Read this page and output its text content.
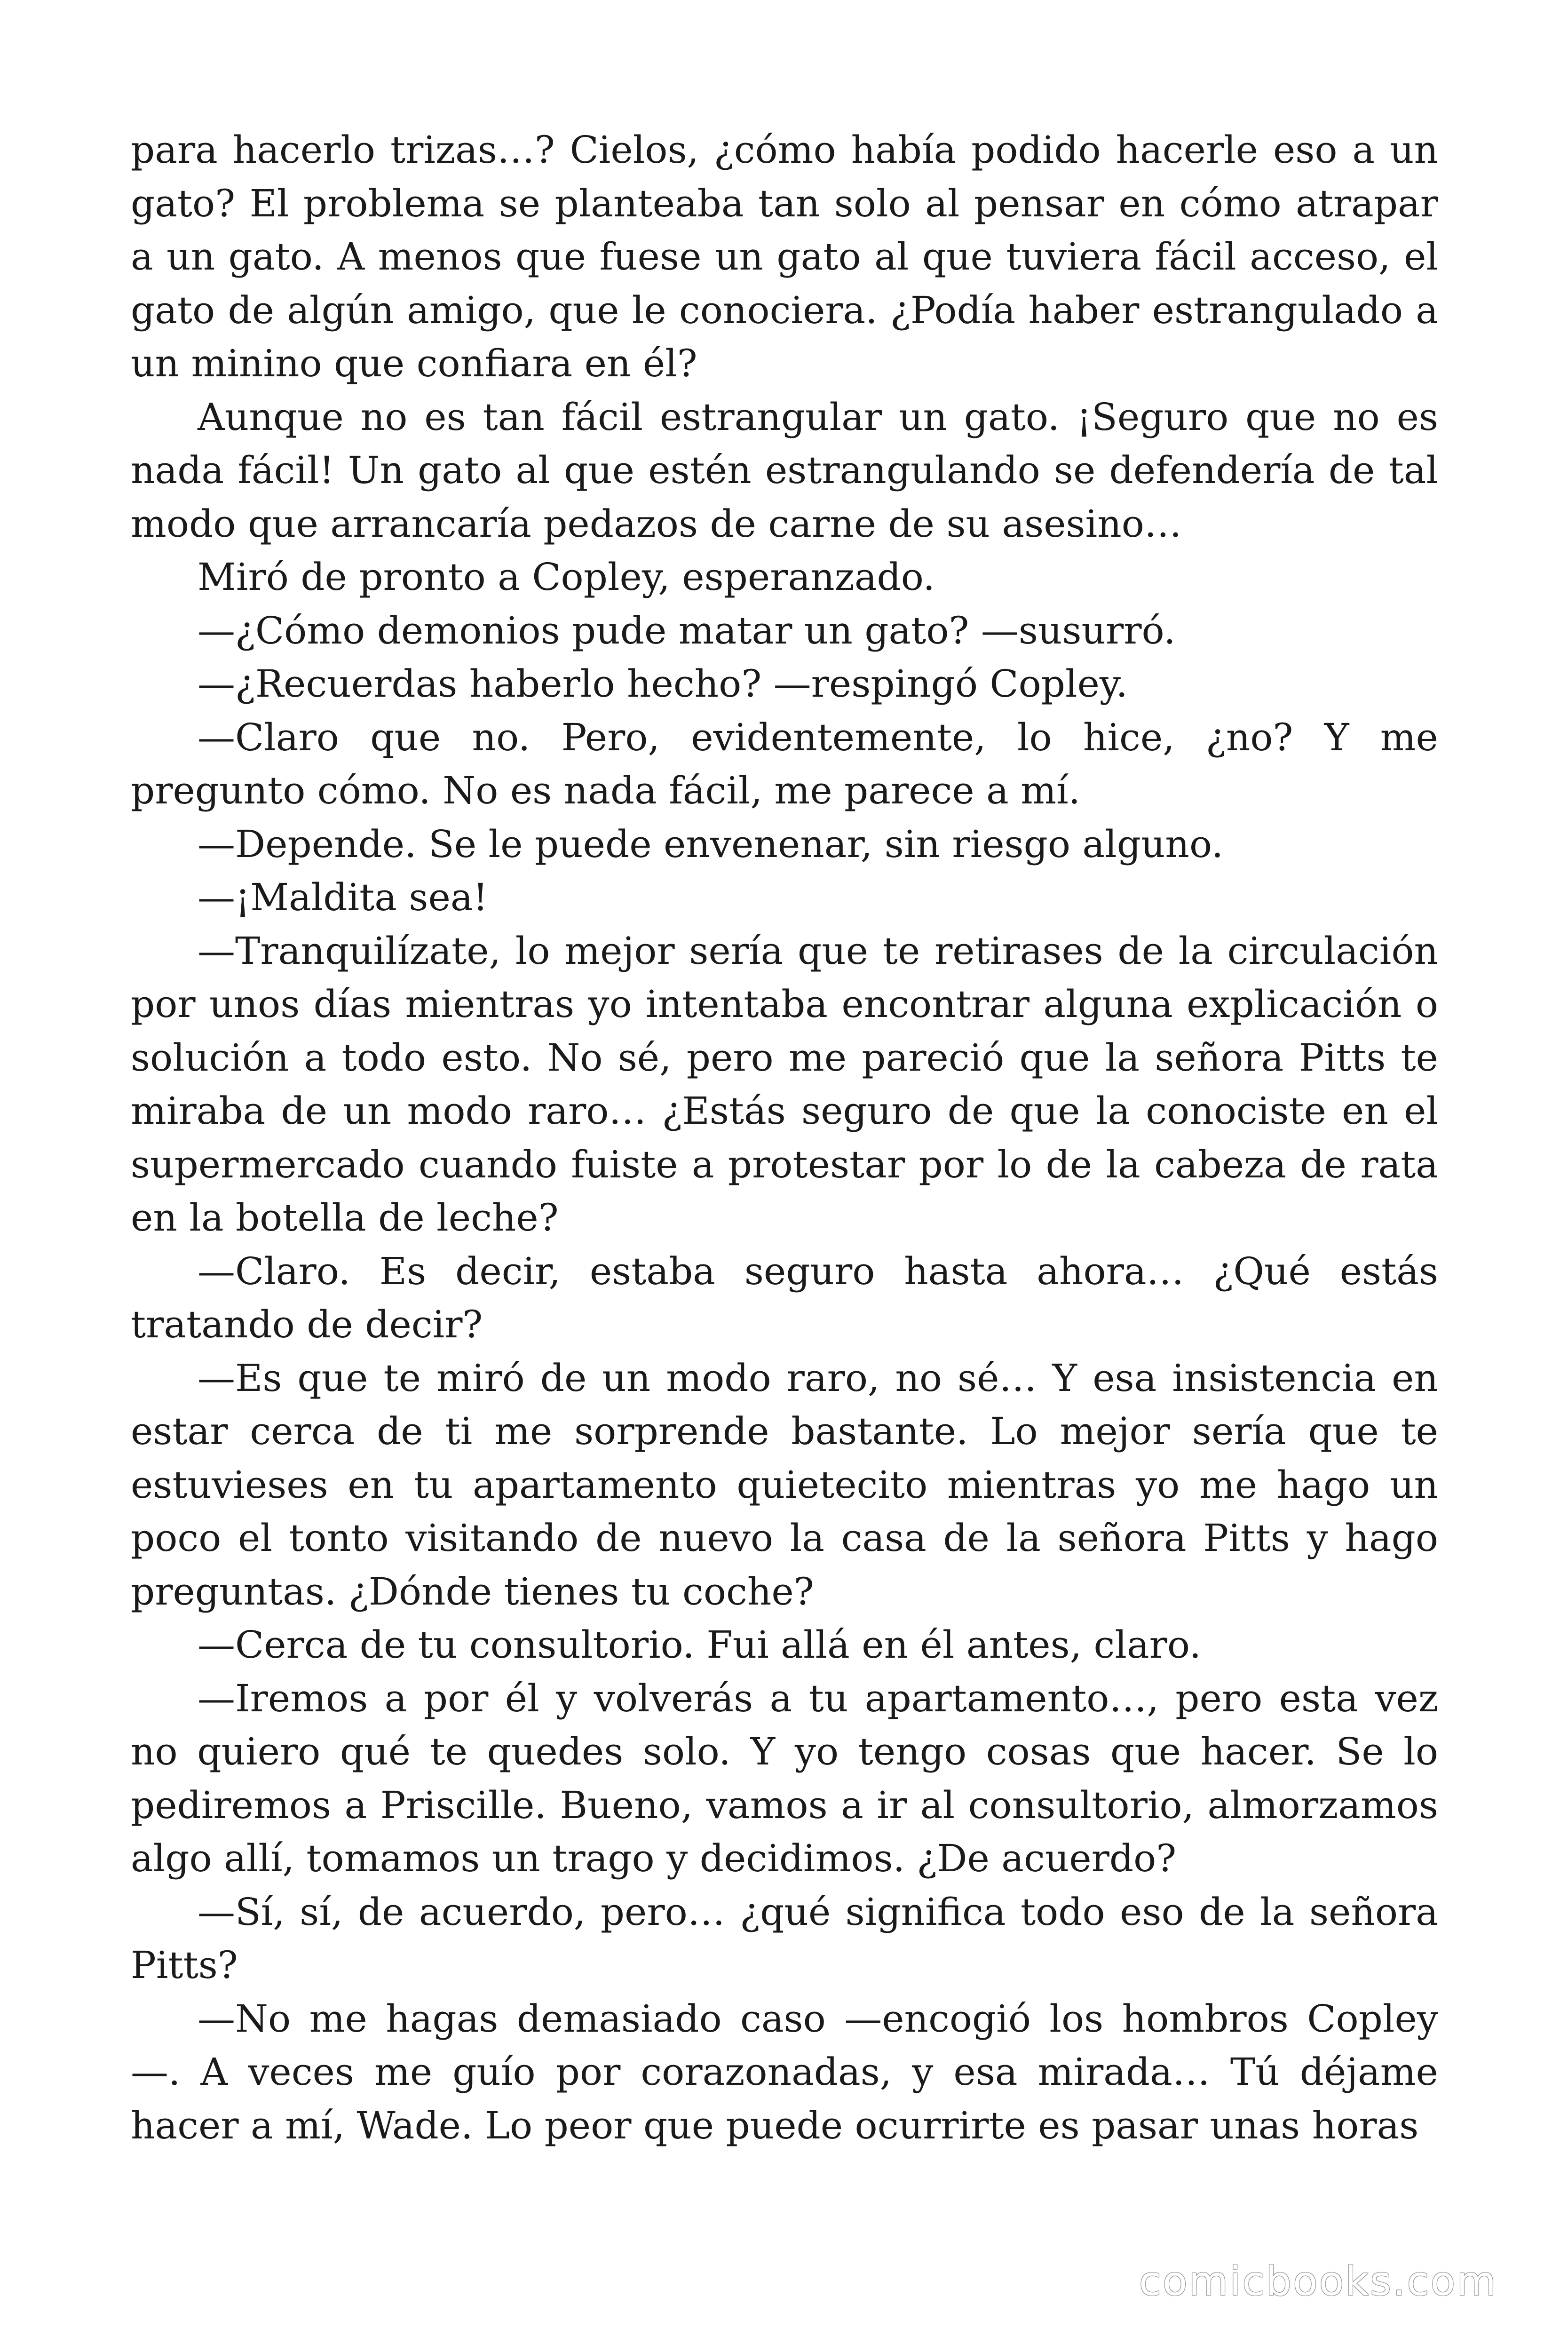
para hacerlo trizas…? Cielos, ¿cómo había podido hacerle eso a un gato? El problema se planteaba tan solo al pensar en cómo atrapar a un gato. A menos que fuese un gato al que tuviera fácil acceso, el gato de algún amigo, que le conociera. ¿Podía haber estrangulado a un minino que confiara en él?

Aunque no es tan fácil estrangular un gato. ¡Seguro que no es nada fácil! Un gato al que estén estrangulando se defendería de tal modo que arrancaría pedazos de carne de su asesino…

Miró de pronto a Copley, esperanzado.

—¿Cómo demonios pude matar un gato? —susurró.

—¿Recuerdas haberlo hecho? —respingó Copley.

—Claro que no. Pero, evidentemente, lo hice, ¿no? Y me pregunto cómo. No es nada fácil, me parece a mí.

—Depende. Se le puede envenenar, sin riesgo alguno.

—¡Maldita sea!

—Tranquilízate, lo mejor sería que te retirases de la circulación por unos días mientras yo intentaba encontrar alguna explicación o solución a todo esto. No sé, pero me pareció que la señora Pitts te miraba de un modo raro… ¿Estás seguro de que la conociste en el supermercado cuando fuiste a protestar por lo de la cabeza de rata en la botella de leche?

—Claro. Es decir, estaba seguro hasta ahora… ¿Qué estás tratando de decir?

—Es que te miró de un modo raro, no sé… Y esa insistencia en estar cerca de ti me sorprende bastante. Lo mejor sería que te estuvieses en tu apartamento quietecito mientras yo me hago un poco el tonto visitando de nuevo la casa de la señora Pitts y hago preguntas. ¿Dónde tienes tu coche?

—Cerca de tu consultorio. Fui allá en él antes, claro.

—Iremos a por él y volverás a tu apartamento…, pero esta vez no quiero qué te quedes solo. Y yo tengo cosas que hacer. Se lo pediremos a Priscille. Bueno, vamos a ir al consultorio, almorzamos algo allí, tomamos un trago y decidimos. ¿De acuerdo?

—Sí, sí, de acuerdo, pero… ¿qué significa todo eso de la señora Pitts?

—No me hagas demasiado caso —encogió los hombros Copley —. A veces me guío por corazonadas, y esa mirada… Tú déjame hacer a mí, Wade. Lo peor que puede ocurrirte es pasar unas horas

comicbooks.com
